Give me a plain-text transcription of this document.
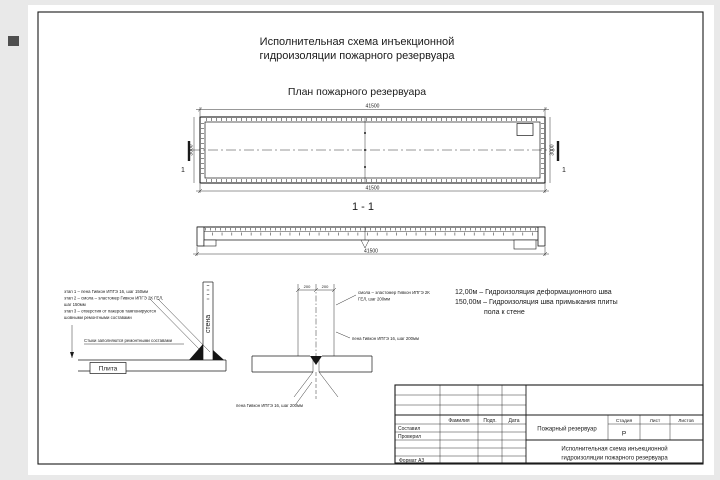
Исполнительная схема инъекционной
гидроизоляции пожарного резервуара
План пожарного резервуара
1	1
41500
41500
3000	3000
1 - 1
41500
этап 1 – пена Гивкон ИПГЭ 16, шаг 150мм
этап 2 – смола – эластомер Гивкон ИПГЭ 2К ГЕЛ,
шаг 150мм
этап 3 – отверстия от пакеров тампонируются
шовными ремонтными составами
Стыки заполняются ремонтными составами
стена
Плита
200	200
смола – эластомер Гивкон ИПГЭ 2К
ГЕЛ, шаг 200мм
пена Гивкон ИПГЭ 16, шаг 200мм
пена Гивкон ИПГЭ 16, шаг 200мм
12,00м – Гидроизоляция деформационного шва
150,00м – Гидроизоляция шва примыкания плиты
пола к стене
Фамилия	Подп. Дата
Составил
Проверил
Пожарный резервуар
Стадия	Лист	Листов
Р
Исполнительная схема инъекционной
гидроизоляции пожарного резервуара
Формат А3
